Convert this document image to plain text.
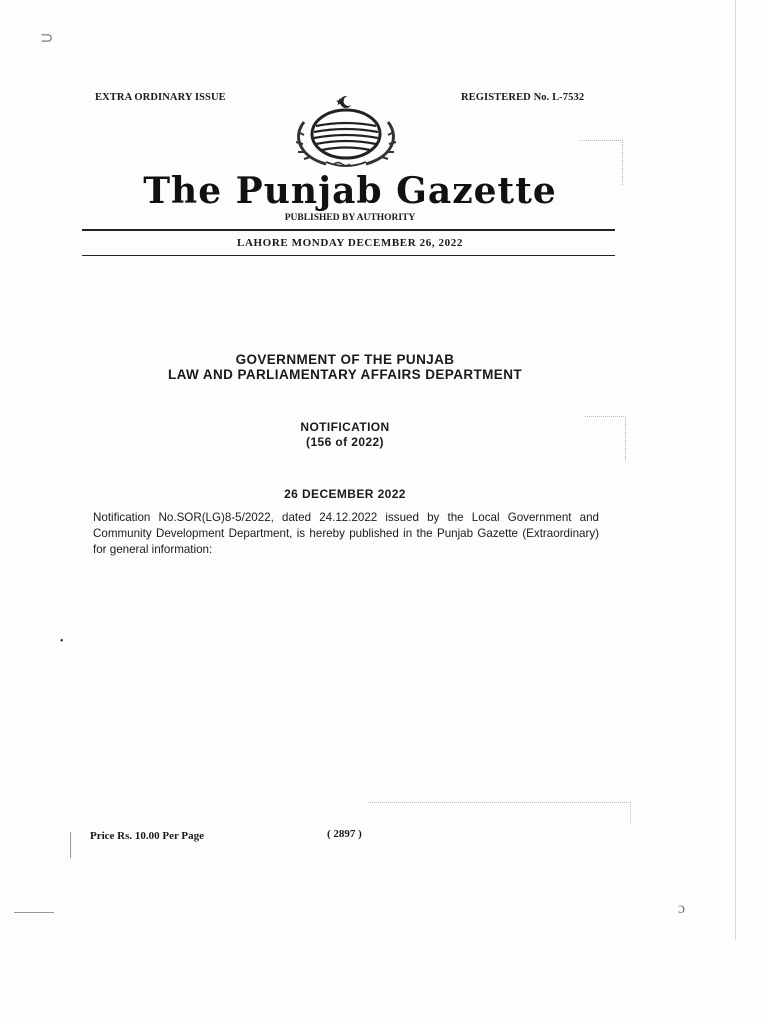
EXTRA ORDINARY ISSUE	REGISTERED No. L-7532
The Punjab Gazette
PUBLISHED BY AUTHORITY
LAHORE MONDAY DECEMBER 26, 2022
GOVERNMENT OF THE PUNJAB
LAW AND PARLIAMENTARY AFFAIRS DEPARTMENT
NOTIFICATION
(156 of 2022)
26 DECEMBER 2022
Notification No.SOR(LG)8-5/2022, dated 24.12.2022 issued by the Local Government and Community Development Department, is hereby published in the Punjab Gazette (Extraordinary) for general information:
Price Rs. 10.00 Per Page	( 2897 )
⊃
ɔ
•
